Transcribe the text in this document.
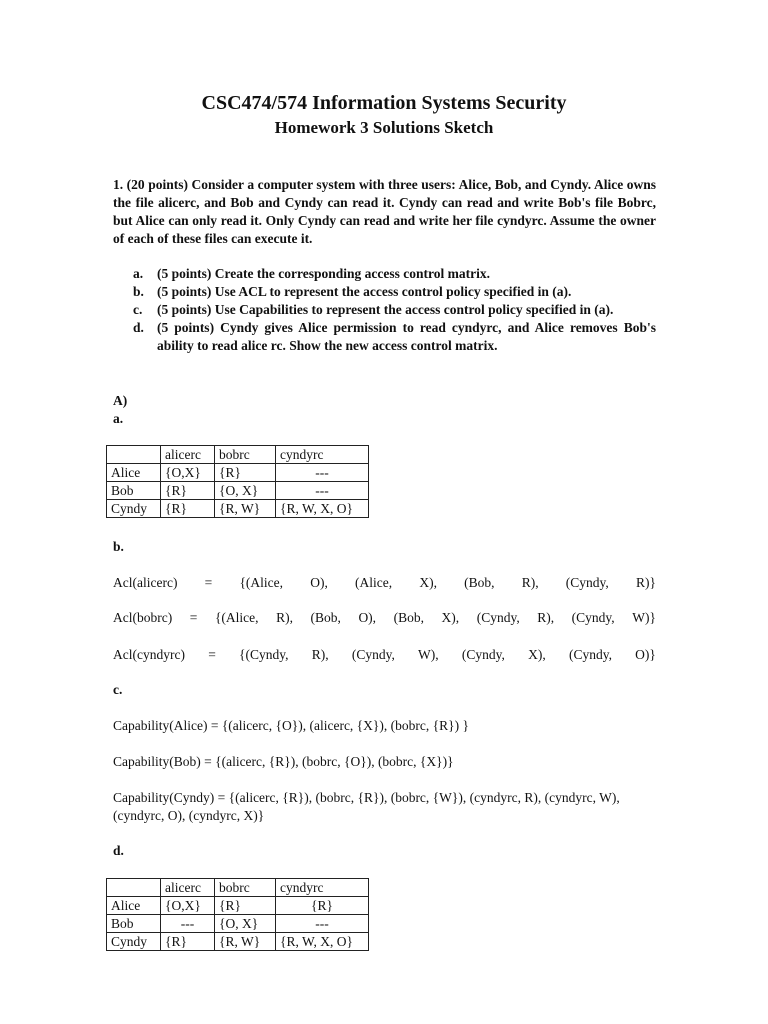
CSC474/574 Information Systems Security
Homework 3 Solutions Sketch
1. (20 points) Consider a computer system with three users: Alice, Bob, and Cyndy. Alice owns the file alicerc, and Bob and Cyndy can read it. Cyndy can read and write Bob's file Bobrc, but Alice can only read it. Only Cyndy can read and write her file cyndyrc. Assume the owner of each of these files can execute it.
a.	(5 points) Create the corresponding access control matrix.
b. (5 points) Use ACL to represent the access control policy specified in (a).
c.	(5 points) Use Capabilities to represent the access control policy specified in (a).
d. (5 points) Cyndy gives Alice permission to read cyndyrc, and Alice removes Bob's ability to read alice rc. Show the new access control matrix.
A)
a.
	alicerc	bobrc	cyndyrc
Alice	{O,X}	{R}	---
Bob	{R}	{O, X}	---
Cyndy	{R}	{R, W}	{R, W, X, O}
b.
Acl(alicerc) = {(Alice, O), (Alice, X), (Bob, R), (Cyndy, R)}
Acl(bobrc) = {(Alice, R), (Bob, O), (Bob, X), (Cyndy, R), (Cyndy, W)}
Acl(cyndyrc) = {(Cyndy, R), (Cyndy, W), (Cyndy, X), (Cyndy, O)}
c.
Capability(Alice) = {(alicerc, {O}), (alicerc, {X}), (bobrc, {R}) }
Capability(Bob) = {(alicerc, {R}), (bobrc, {O}), (bobrc, {X})}
Capability(Cyndy) = {(alicerc, {R}), (bobrc, {R}), (bobrc, {W}), (cyndyrc, R), (cyndyrc, W), (cyndyrc, O), (cyndyrc, X)}
d.
	alicerc	bobrc	cyndyrc
Alice	{O,X}	{R}	{R}
Bob	---	{O, X}	---
Cyndy	{R}	{R, W}	{R, W, X, O}
